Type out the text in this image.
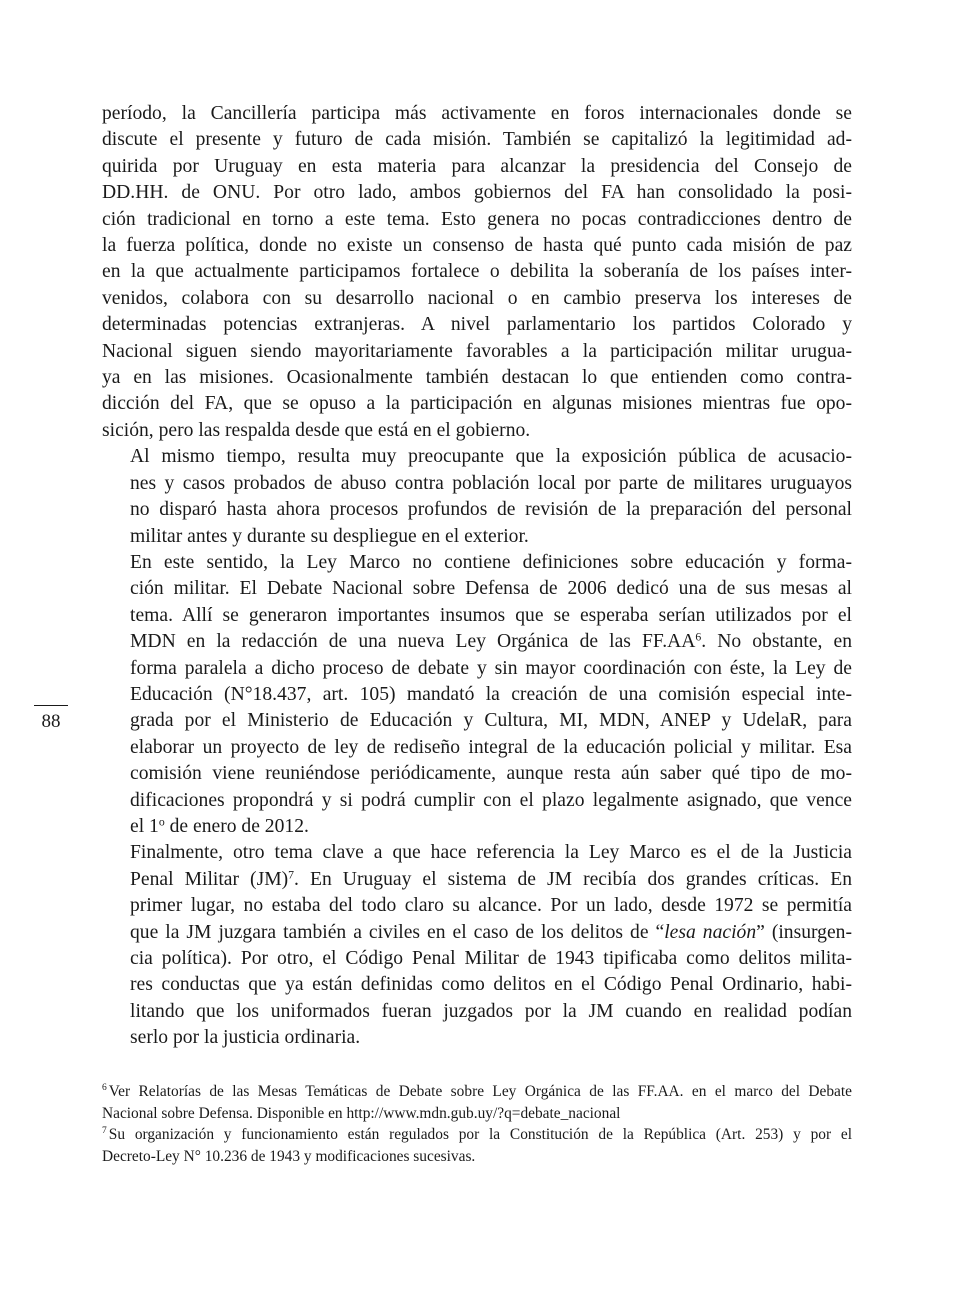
período, la Cancillería participa más activamente en foros internacionales donde se
discute el presente y futuro de cada misión. También se capitalizó la legitimidad ad-
quirida por Uruguay en esta materia para alcanzar la presidencia del Consejo de
DD.HH. de ONU. Por otro lado, ambos gobiernos del FA han consolidado la posi-
ción tradicional en torno a este tema. Esto genera no pocas contradicciones dentro de
la fuerza política, donde no existe un consenso de hasta qué punto cada misión de paz
en la que actualmente participamos fortalece o debilita la soberanía de los países inter-
venidos, colabora con su desarrollo nacional o en cambio preserva los intereses de
determinadas potencias extranjeras. A nivel parlamentario los partidos Colorado y
Nacional siguen siendo mayoritariamente favorables a la participación militar urugua-
ya en las misiones. Ocasionalmente también destacan lo que entienden como contra-
dicción del FA, que se opuso a la participación en algunas misiones mientras fue opo-
sición, pero las respalda desde que está en el gobierno.

Al mismo tiempo, resulta muy preocupante que la exposición pública de acusacio-
nes y casos probados de abuso contra población local por parte de militares uruguayos
no disparó hasta ahora procesos profundos de revisión de la preparación del personal
militar antes y durante su despliegue en el exterior.

En este sentido, la Ley Marco no contiene definiciones sobre educación y forma-
ción militar. El Debate Nacional sobre Defensa de 2006 dedicó una de sus mesas al
tema. Allí se generaron importantes insumos que se esperaba serían utilizados por el
MDN en la redacción de una nueva Ley Orgánica de las $FF.AA^6$. No obstante, en
forma paralela a dicho proceso de debate y sin mayor coordinación con éste, la Ley de
Educación (N°18.437, art. 105) mandató la creación de una comisión especial inte-
grada por el Ministerio de Educación y Cultura, MI, MDN, ANEP y UdelaR, para
elaborar un proyecto de ley de rediseño integral de la educación policial y militar. Esa
comisión viene reuniéndose periódicamente, aunque resta aún saber qué tipo de mo-
dificaciones propondrá y si podrá cumplir con el plazo legalmente asignado, que vence
el 1$^o$ de enero de 2012.

Finalmente, otro tema clave a que hace referencia la Ley Marco es el de la Justicia
Penal Militar (JM)$^7$. En Uruguay el sistema de JM recibía dos grandes críticas. En
primer lugar, no estaba del todo claro su alcance. Por un lado, desde 1972 se permitía
que la JM juzgara también a civiles en el caso de los delitos de “lesa nación” (insurgen-
cia política). Por otro, el Código Penal Militar de 1943 tipificaba como delitos milita-
res conductas que ya están definidas como delitos en el Código Penal Ordinario, habi-
litando que los uniformados fueran juzgados por la JM cuando en realidad podían
serlo por la justicia ordinaria.

88

$^6$ Ver Relatorías de las Mesas Temáticas de Debate sobre Ley Orgánica de las FF.AA. en el marco del Debate
Nacional sobre Defensa. Disponible en http://www.mdn.gub.uy/?q=debate_nacional

$^7$ Su organización y funcionamiento están regulados por la Constitución de la República (Art. 253) y por el
Decreto-Ley N° 10.236 de 1943 y modificaciones sucesivas.
